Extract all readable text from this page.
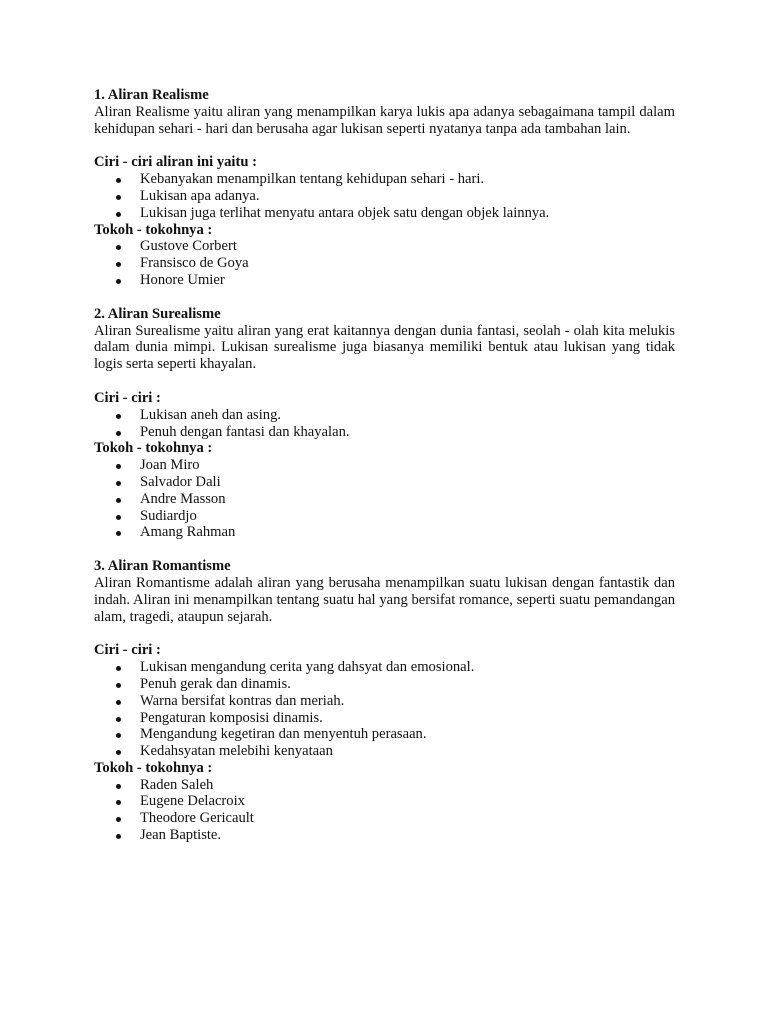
1. Aliran Realisme

Aliran Realisme yaitu aliran yang menampilkan karya lukis apa adanya sebagaimana tampil dalam kehidupan sehari - hari dan berusaha agar lukisan seperti nyatanya tanpa ada tambahan lain.

Ciri - ciri aliran ini yaitu :

Kebanyakan menampilkan tentang kehidupan sehari - hari.
Lukisan apa adanya.
Lukisan juga terlihat menyatu antara objek satu dengan objek lainnya.

Tokoh - tokohnya :

Gustove Corbert
Fransisco de Goya
Honore Umier

2. Aliran Surealisme

Aliran Surealisme yaitu aliran yang erat kaitannya dengan dunia fantasi, seolah - olah kita melukis dalam dunia mimpi. Lukisan surealisme juga biasanya memiliki bentuk atau lukisan yang tidak logis serta seperti khayalan.

Ciri - ciri :

Lukisan aneh dan asing.
Penuh dengan fantasi dan khayalan.

Tokoh - tokohnya :

Joan Miro
Salvador Dali
Andre Masson
Sudiardjo
Amang Rahman

3. Aliran Romantisme

Aliran Romantisme adalah aliran yang berusaha menampilkan suatu lukisan dengan fantastik dan indah. Aliran ini menampilkan tentang suatu hal yang bersifat romance, seperti suatu pemandangan alam, tragedi, ataupun sejarah.

Ciri - ciri :

Lukisan mengandung cerita yang dahsyat dan emosional.
Penuh gerak dan dinamis.
Warna bersifat kontras dan meriah.
Pengaturan komposisi dinamis.
Mengandung kegetiran dan menyentuh perasaan.
Kedahsyatan melebihi kenyataan

Tokoh - tokohnya :

Raden Saleh
Eugene Delacroix
Theodore Gericault
Jean Baptiste.
